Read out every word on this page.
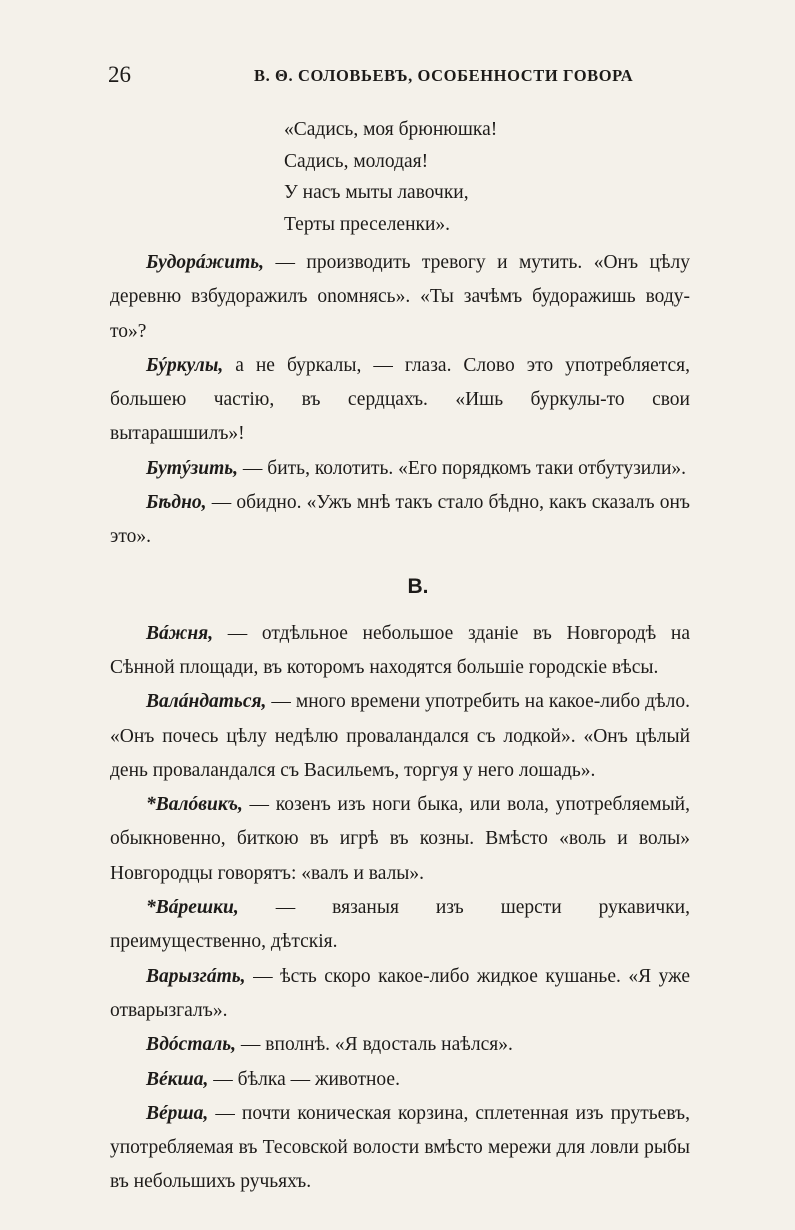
26	В. Θ. СОЛОВЬЕВЪ, ОСОБЕННОСТИ ГОВОРА
«Садись, моя брюнюшка!
Садись, молодая!
У насъ мыты лавочки,
Терты преселенки».

Будорáжить, — производить тревогу и мутить. «Онъ цѣлу деревню взбудоражилъ onомнясь». «Ты зачѣмъ будоражишь воду-то»?

Бýркулы, а не буркалы, — глаза. Слово это употребляется, большею частію, въ сердцахъ. «Ишь буркулы-то свои вытарашшилъ»!

Бутýзить, — бить, колотить. «Его порядкомъ таки отбутузили».

Бѣдно, — обидно. «Ужъ мнѣ такъ стало бѣдно, какъ сказалъ онъ это».

В.

Вáжня, — отдѣльное небольшое зданіе въ Новгородѣ на Сѣнной площади, въ которомъ находятся большіе городскіе вѣсы.

Валáндаться, — много времени употребить на какое-либо дѣло. «Онъ почесь цѣлу недѣлю проваландался съ лодкой». «Онъ цѣлый день проваландался съ Васильемъ, торгуя у него лошадь».

*Валóвикъ, — козенъ изъ ноги быка, или вола, употребляемый, обыкновенно, биткою въ игрѣ въ козны. Вмѣсто «воль и волы» Новгородцы говорятъ: «валъ и валы».

*Вáрешки, — вязаныя изъ шерсти рукавички, преимущественно, дѣтскія.

Варызгáть, — ѣсть скоро какое-либо жидкое кушанье. «Я уже отварызгалъ».

Вдóсталь, — вполнѣ. «Я вдосталь наѣлся».

Вéкша, — бѣлка — животное.

Вéрша, — почти коническая корзина, сплетенная изъ прутьевъ, употребляемая въ Тесовской волости вмѣсто мережи для ловли рыбы въ небольшихъ ручьяхъ.
